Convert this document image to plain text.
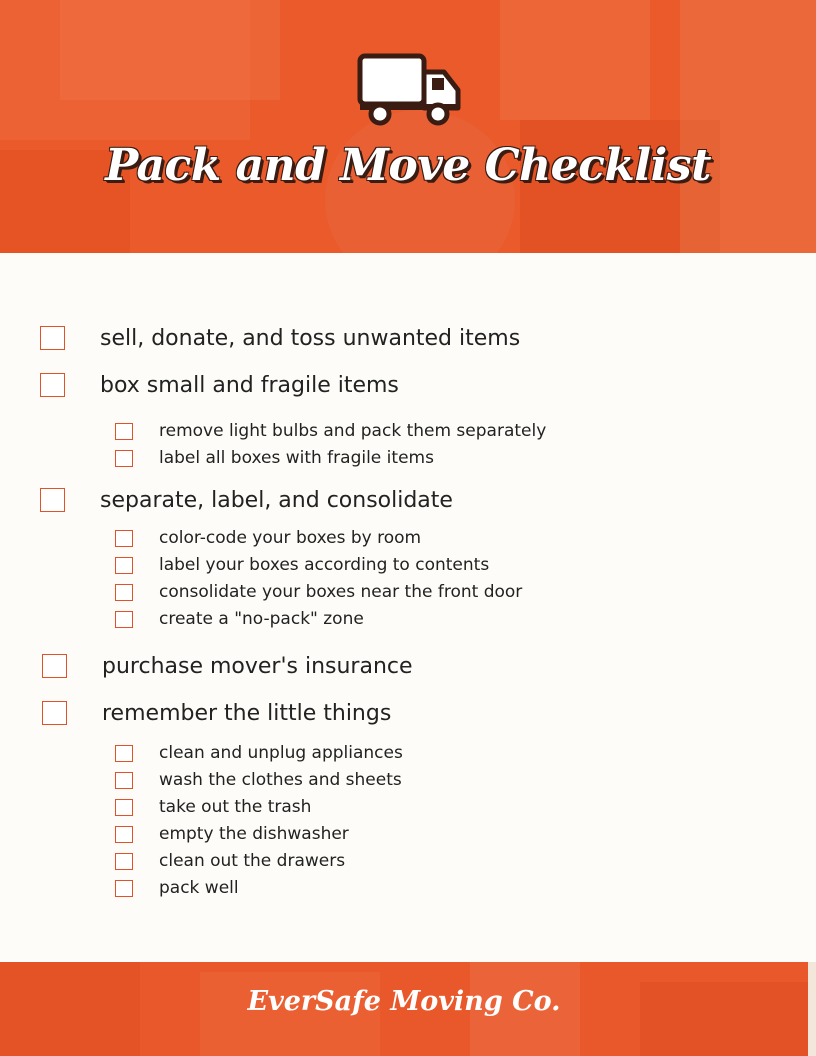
Pack and Move Checklist
sell, donate, and toss unwanted items
box small and fragile items
remove light bulbs and pack them separately
label all boxes with fragile items
separate, label, and consolidate
color-code your boxes by room
label your boxes according to contents
consolidate your boxes near the front door
create a "no-pack" zone
purchase mover's insurance
remember the little things
clean and unplug appliances
wash the clothes and sheets
take out the trash
empty the dishwasher
clean out the drawers
pack well
EverSafe Moving Co.
